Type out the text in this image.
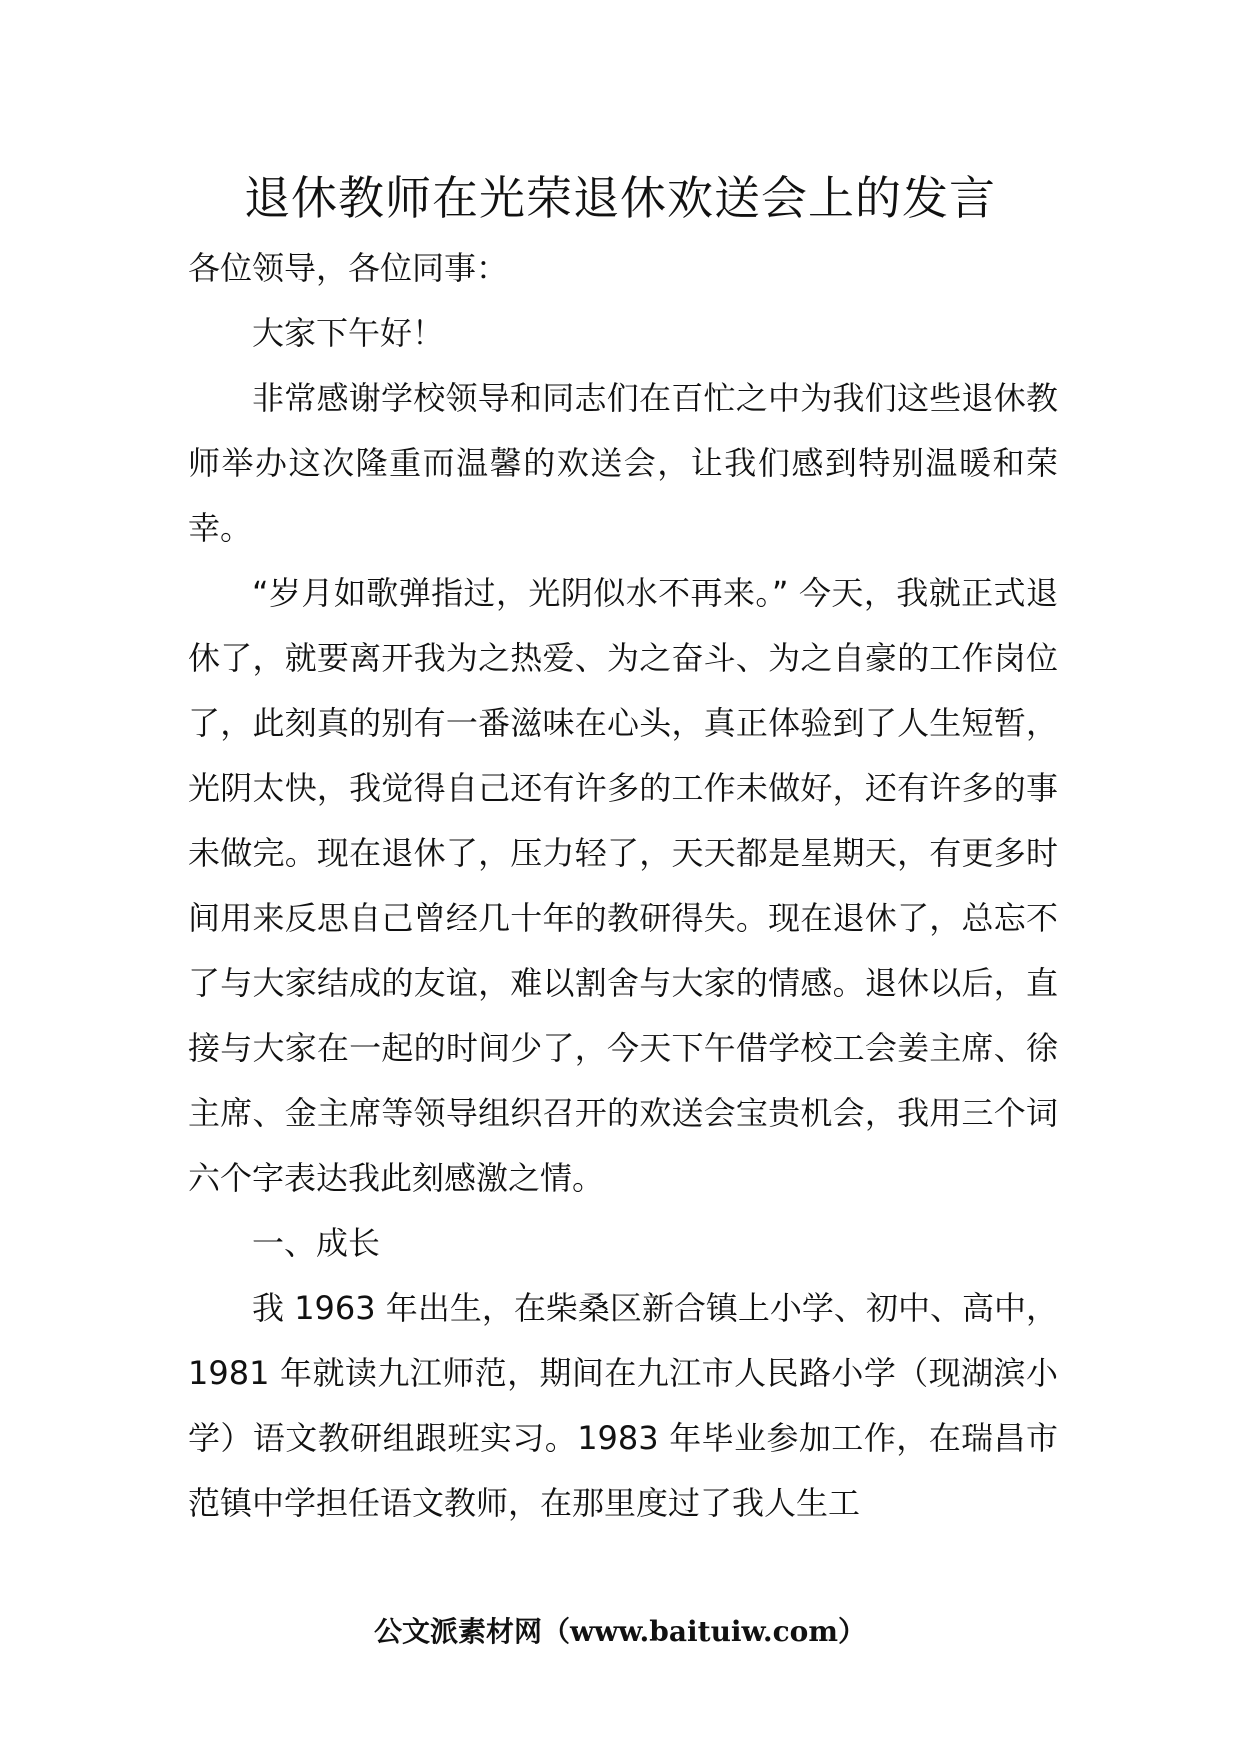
退休教师在光荣退休欢送会上的发言

各位领导，各位同事：

大家下午好！

非常感谢学校领导和同志们在百忙之中为我们这些退休教师举办这次隆重而温馨的欢送会，让我们感到特别温暖和荣幸。

“岁月如歌弹指过，光阴似水不再来。” 今天，我就正式退休了，就要离开我为之热爱、为之奋斗、为之自豪的工作岗位了，此刻真的别有一番滋味在心头，真正体验到了人生短暂，光阴太快，我觉得自己还有许多的工作未做好，还有许多的事未做完。现在退休了，压力轻了，天天都是星期天，有更多时间用来反思自己曾经几十年的教研得失。现在退休了，总忘不了与大家结成的友谊，难以割舍与大家的情感。退休以后，直接与大家在一起的时间少了，今天下午借学校工会姜主席、徐主席、金主席等领导组织召开的欢送会宝贵机会，我用三个词六个字表达我此刻感激之情。

一、成长

我 1963 年出生，在柴桑区新合镇上小学、初中、高中，1981 年就读九江师范，期间在九江市人民路小学（现湖滨小学）语文教研组跟班实习。1983 年毕业参加工作，在瑞昌市范镇中学担任语文教师，在那里度过了我人生工

公文派素材网（www.baituiw.com）
